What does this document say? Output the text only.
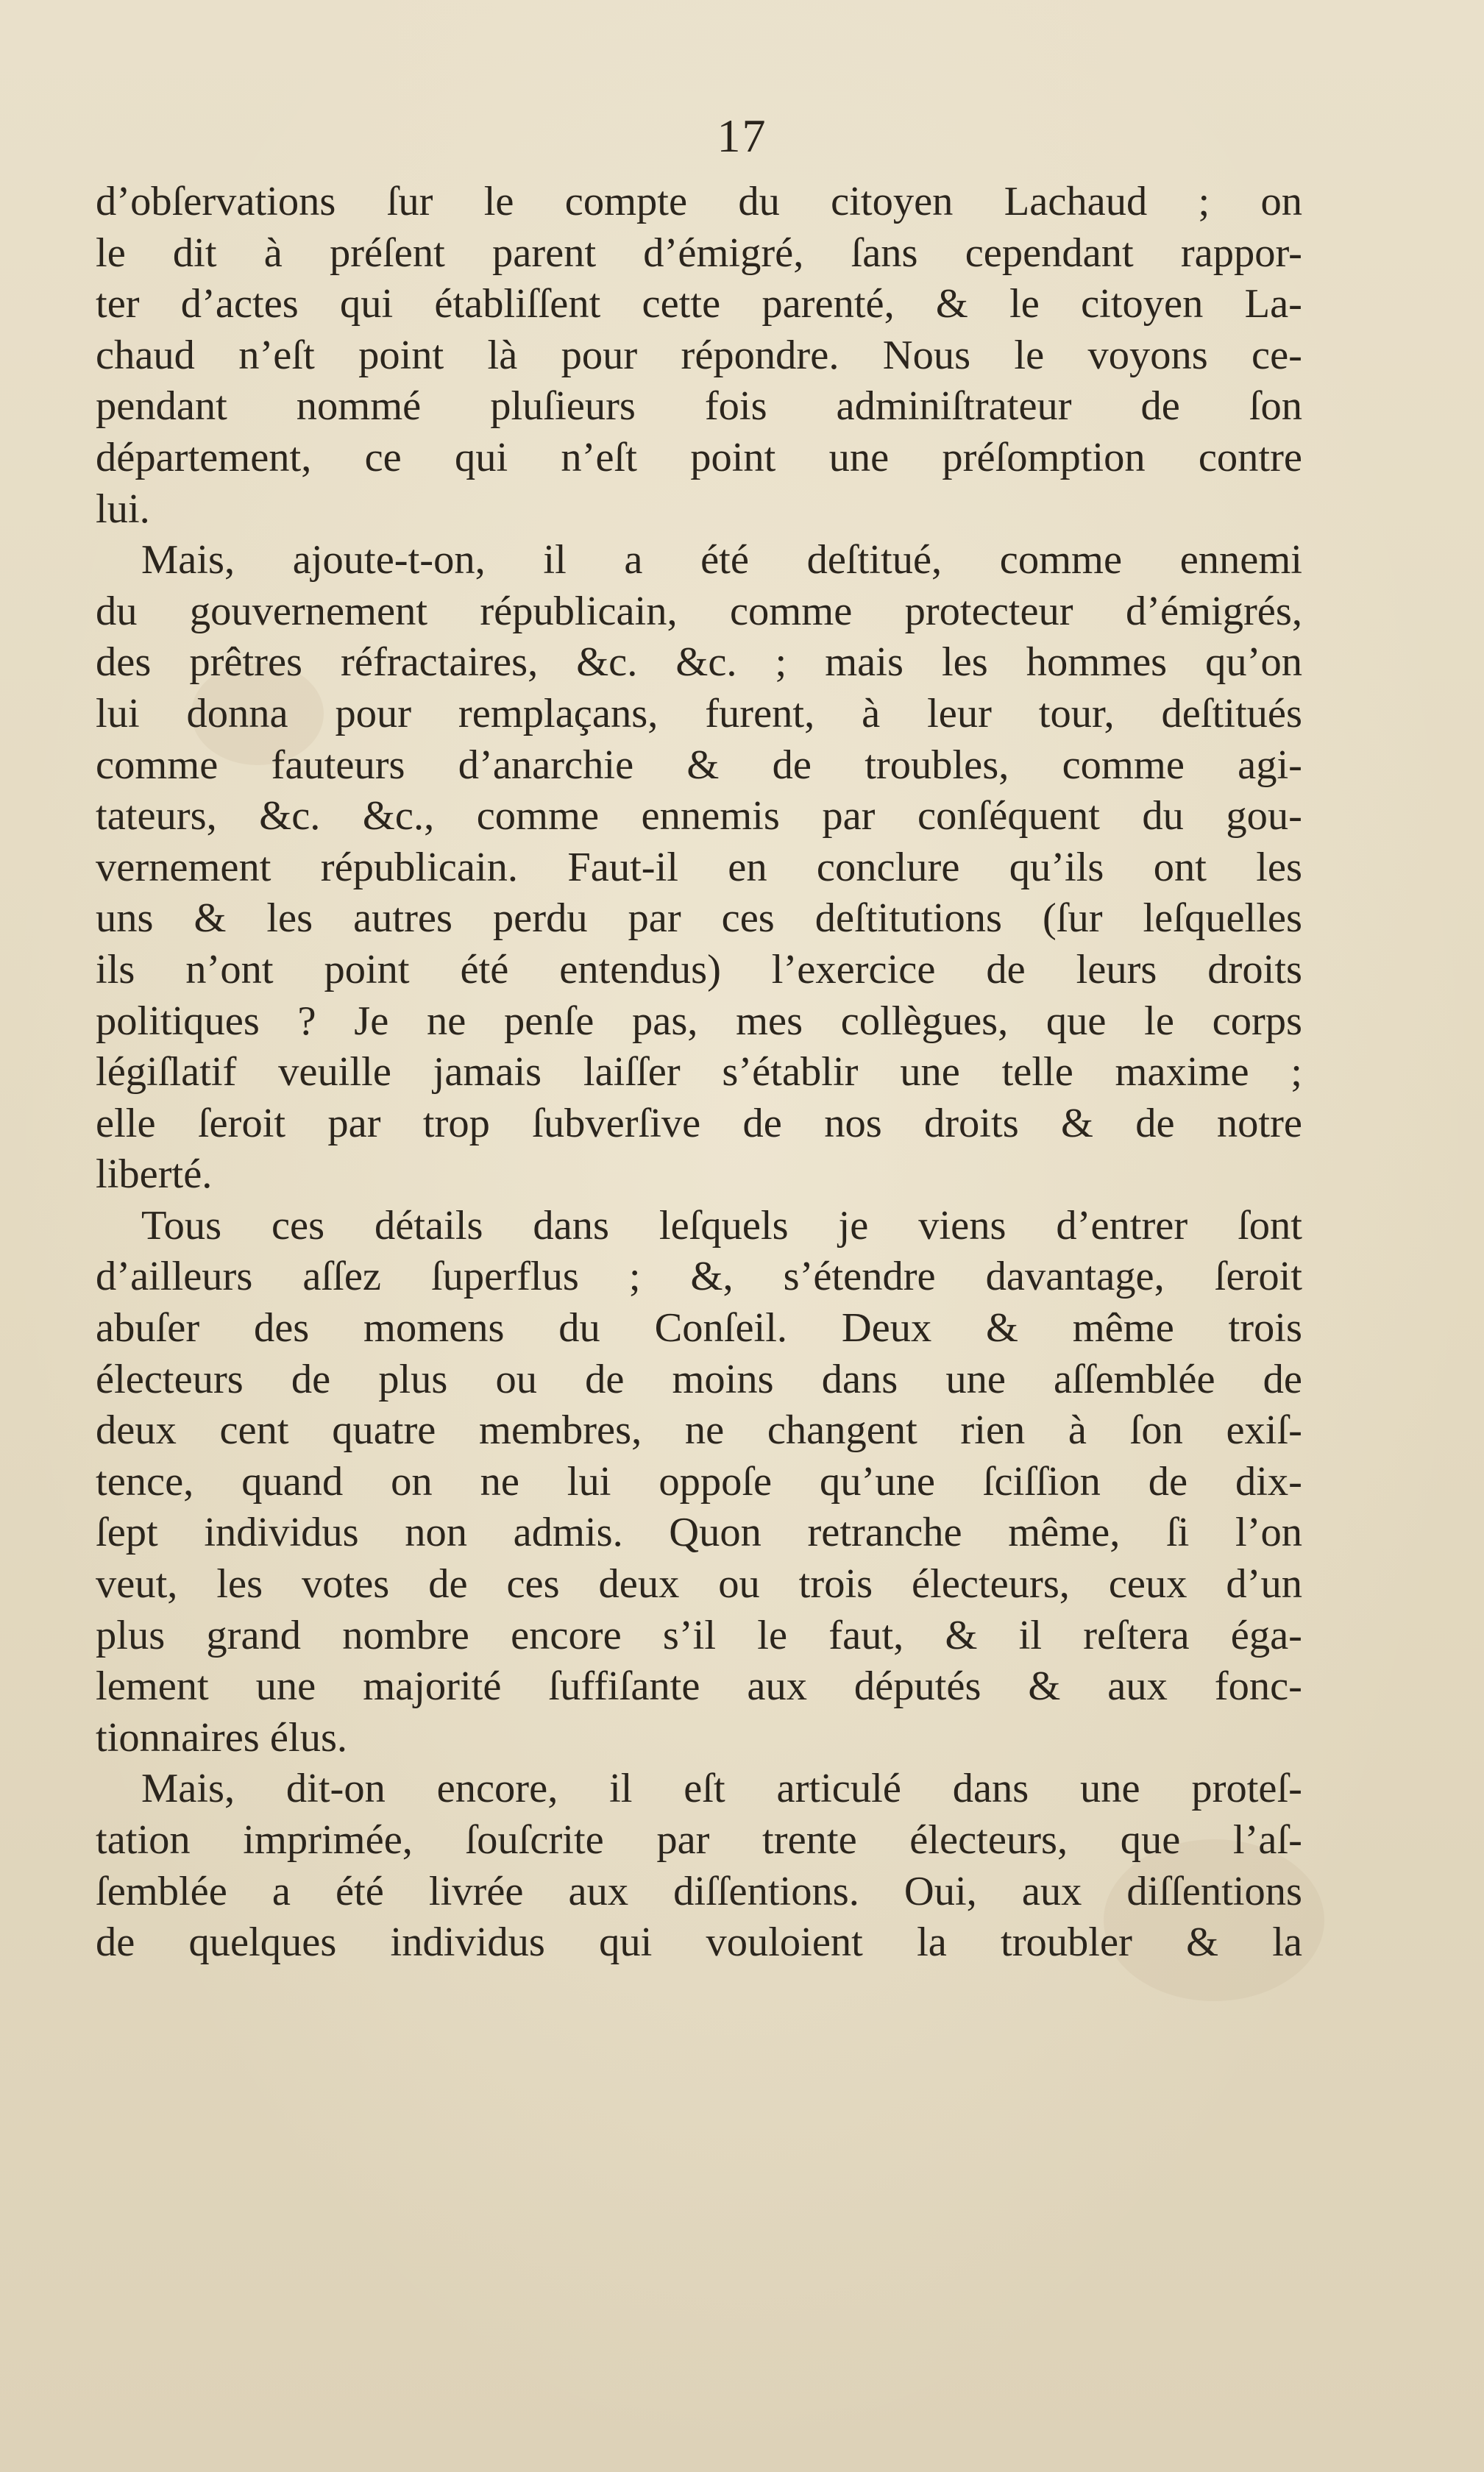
17

d’obſervations ſur le compte du citoyen Lachaud ; on
le dit à préſent parent d’émigré, ſans cependant rappor-
ter d’actes qui établiſſent cette parenté, & le citoyen La-
chaud n’eſt point là pour répondre. Nous le voyons ce-
pendant nommé pluſieurs fois adminiſtrateur de ſon
département, ce qui n’eſt point une préſomption contre
lui.

Mais, ajoute-t-on, il a été deſtitué, comme ennemi
du gouvernement républicain, comme protecteur d’émigrés,
des prêtres réfractaires, &c. &c. ; mais les hommes qu’on
lui donna pour remplaçans, furent, à leur tour, deſtitués
comme fauteurs d’anarchie & de troubles, comme agi-
tateurs, &c. &c., comme ennemis par conſéquent du gou-
vernement républicain. Faut-il en conclure qu’ils ont les
uns & les autres perdu par ces deſtitutions (ſur leſquelles
ils n’ont point été entendus) l’exercice de leurs droits
politiques ? Je ne penſe pas, mes collègues, que le corps
légiſlatif veuille jamais laiſſer s’établir une telle maxime ;
elle ſeroit par trop ſubverſive de nos droits & de notre
liberté.

Tous ces détails dans leſquels je viens d’entrer ſont
d’ailleurs aſſez ſuperflus ; &, s’étendre davantage, ſeroit
abuſer des momens du Conſeil. Deux & même trois
électeurs de plus ou de moins dans une aſſemblée de
deux cent quatre membres, ne changent rien à ſon exiſ-
tence, quand on ne lui oppoſe qu’une ſciſſion de dix-
ſept individus non admis. Quon retranche même, ſi l’on
veut, les votes de ces deux ou trois électeurs, ceux d’un
plus grand nombre encore s’il le faut, & il reſtera éga-
lement une majorité ſuffiſante aux députés & aux fonc-
tionnaires élus.

Mais, dit-on encore, il eſt articulé dans une proteſ-
tation imprimée, ſouſcrite par trente électeurs, que l’aſ-
ſemblée a été livrée aux diſſentions. Oui, aux diſſentions
de quelques individus qui vouloient la troubler & la
